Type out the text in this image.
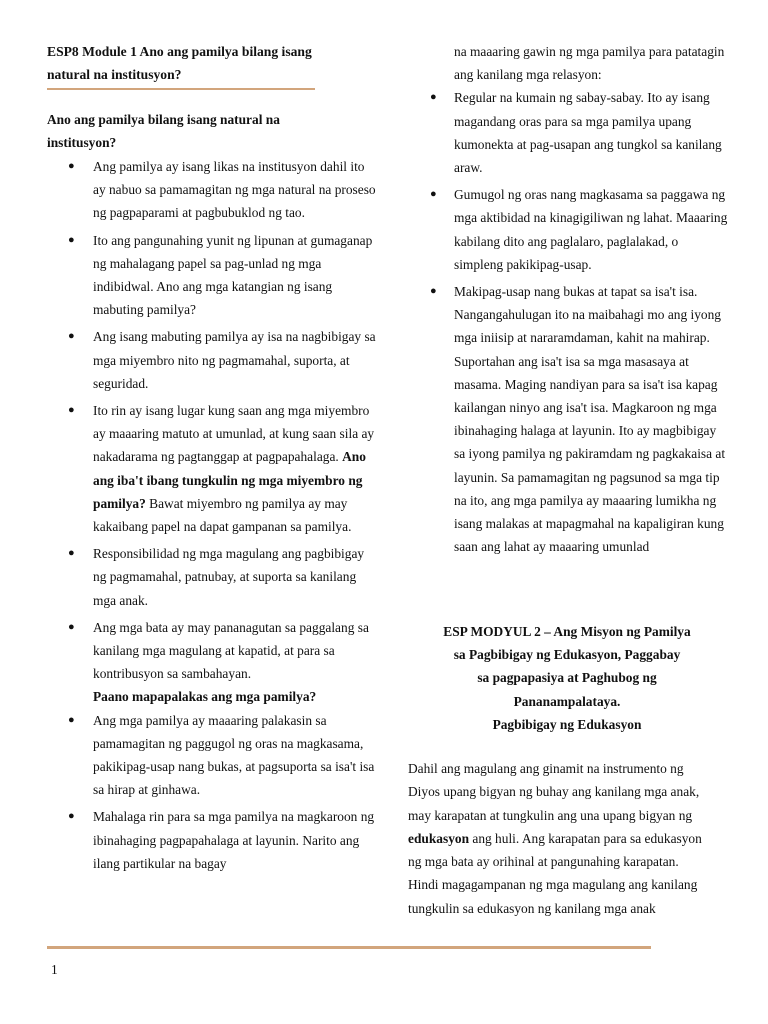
ESP8 Module 1 Ano ang pamilya bilang isang natural na institusyon?
Ano ang pamilya bilang isang natural na institusyon?
● Ang pamilya ay isang likas na institusyon dahil ito ay nabuo sa pamamagitan ng mga natural na proseso ng pagpaparami at pagbubuklod ng tao.
● Ito ang pangunahing yunit ng lipunan at gumaganap ng mahalagang papel sa pag-unlad ng mga indibidwal. Ano ang mga katangian ng isang mabuting pamilya?
● Ang isang mabuting pamilya ay isa na nagbibigay sa mga miyembro nito ng pagmamahal, suporta, at seguridad.
● Ito rin ay isang lugar kung saan ang mga miyembro ay maaaring matuto at umunlad, at kung saan sila ay nakadarama ng pagtanggap at pagpapahalaga. Ano ang iba't ibang tungkulin ng mga miyembro ng pamilya? Bawat miyembro ng pamilya ay may kakaibang papel na dapat gampanan sa pamilya.
● Responsibilidad ng mga magulang ang pagbibigay ng pagmamahal, patnubay, at suporta sa kanilang mga anak.
● Ang mga bata ay may pananagutan sa paggalang sa kanilang mga magulang at kapatid, at para sa kontribusyon sa sambahayan.
Paano mapapalakas ang mga pamilya?
● Ang mga pamilya ay maaaring palakasin sa pamamagitan ng paggugol ng oras na magkasama, pakikipag-usap nang bukas, at pagsuporta sa isa't isa sa hirap at ginhawa.
● Mahalaga rin para sa mga pamilya na magkaroon ng ibinahaging pagpapahalaga at layunin. Narito ang ilang partikular na bagay
na maaaring gawin ng mga pamilya para patatagin ang kanilang mga relasyon:
● Regular na kumain ng sabay-sabay. Ito ay isang magandang oras para sa mga pamilya upang kumonekta at pag-usapan ang tungkol sa kanilang araw.
● Gumugol ng oras nang magkasama sa paggawa ng mga aktibidad na kinagigiliwan ng lahat. Maaaring kabilang dito ang paglalaro, paglalakad, o simpleng pakikipag-usap.
● Makipag-usap nang bukas at tapat sa isa't isa. Nangangahulugan ito na maibahagi mo ang iyong mga iniisip at nararamdaman, kahit na mahirap. Suportahan ang isa't isa sa mga masasaya at masama. Maging nandiyan para sa isa't isa kapag kailangan ninyo ang isa't isa. Magkaroon ng mga ibinahaging halaga at layunin. Ito ay magbibigay sa iyong pamilya ng pakiramdam ng pagkakaisa at layunin. Sa pamamagitan ng pagsunod sa mga tip na ito, ang mga pamilya ay maaaring lumikha ng isang malakas at mapagmahal na kapaligiran kung saan ang lahat ay maaaring umunlad
ESP MODYUL 2 – Ang Misyon ng Pamilya
sa Pagbibigay ng Edukasyon, Paggabay
sa pagpapasiya at Paghubog ng
Pananampalataya.
Pagbibigay ng Edukasyon
Dahil ang magulang ang ginamit na instrumento ng Diyos upang bigyan ng buhay ang kanilang mga anak, may karapatan at tungkulin ang una upang bigyan ng edukasyon ang huli. Ang karapatan para sa edukasyon ng mga bata ay orihinal at pangunahing karapatan. Hindi magagampanan ng mga magulang ang kanilang tungkulin sa edukasyon ng kanilang mga anak
1
